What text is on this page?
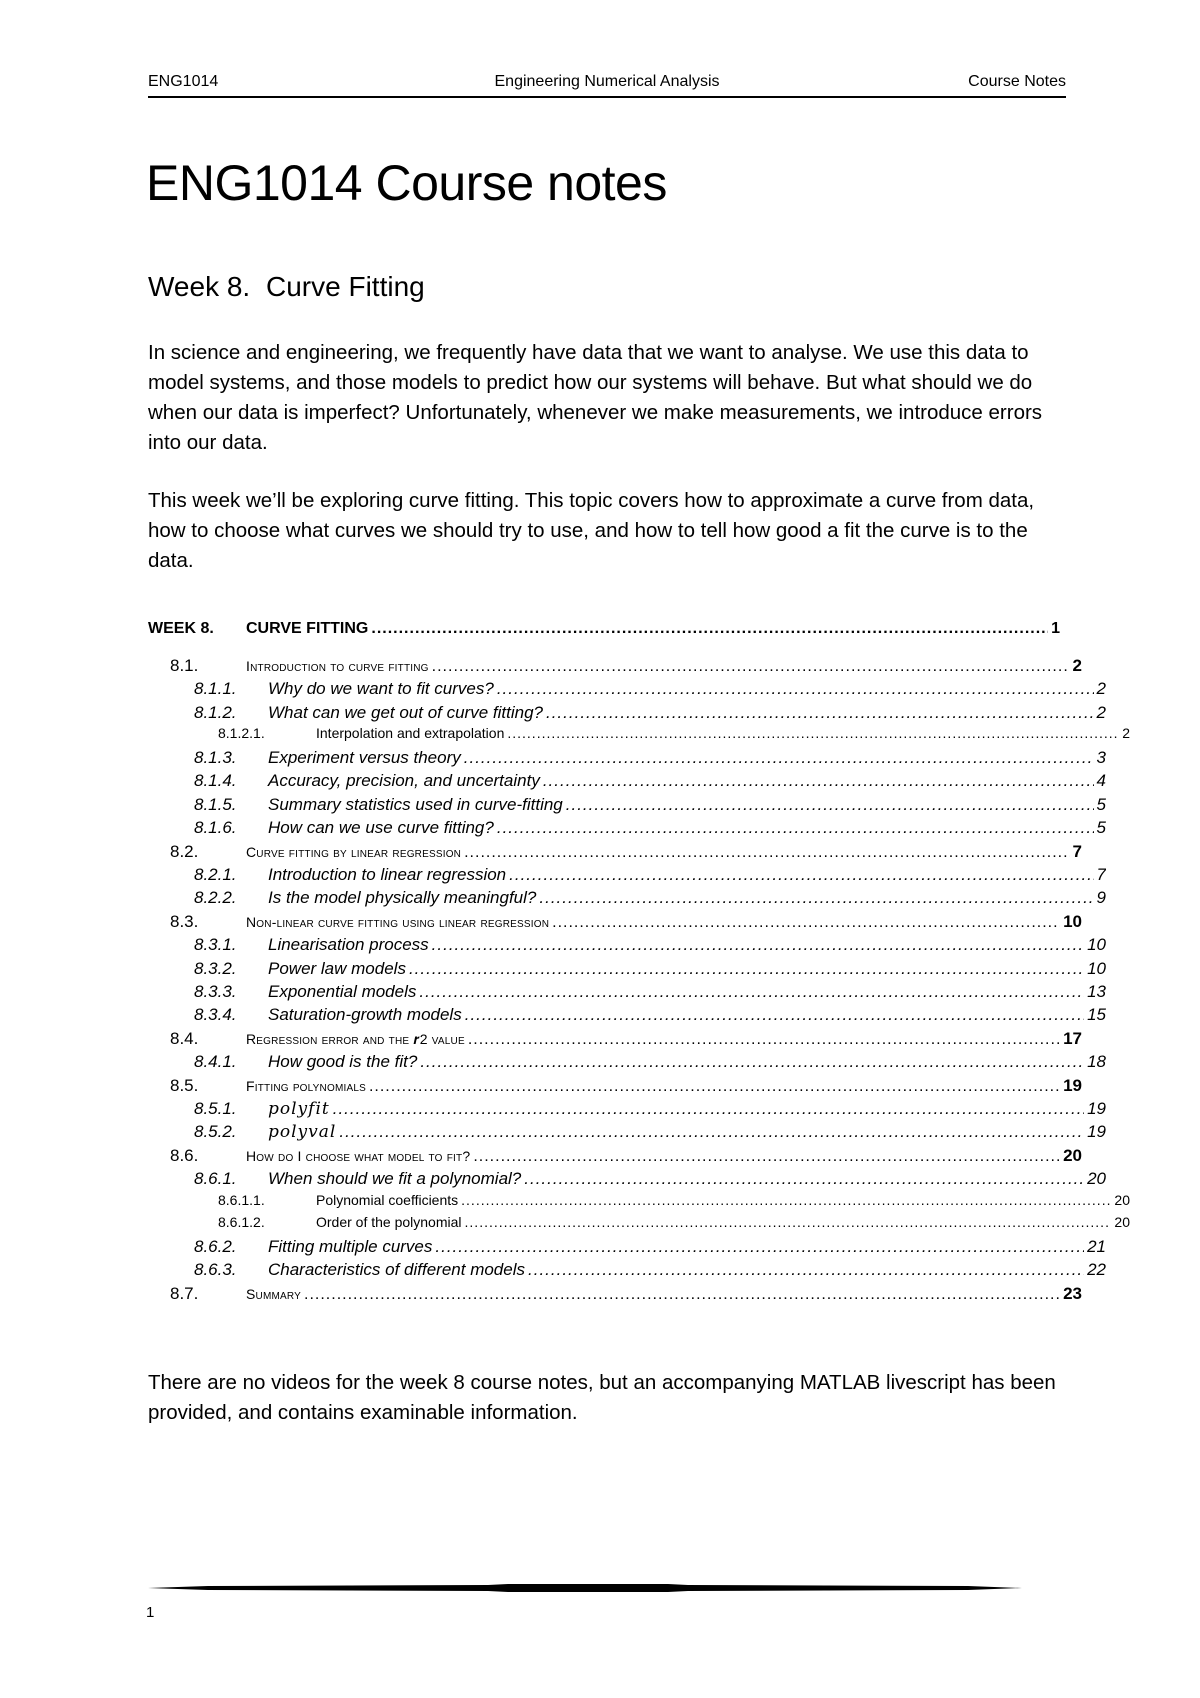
ENG1014	Engineering Numerical Analysis	Course Notes
ENG1014 Course notes
Week 8. Curve Fitting

In science and engineering, we frequently have data that we want to analyse. We use this data to model systems, and those models to predict how our systems will behave. But what should we do when our data is imperfect? Unfortunately, whenever we make measurements, we introduce errors into our data.

This week we’ll be exploring curve fitting. This topic covers how to approximate a curve from data, how to choose what curves we should try to use, and how to tell how good a fit the curve is to the data.

WEEK 8.	CURVE FITTING .....	1
8.1.	Introduction to curve fitting .....	2
8.1.1.	Why do we want to fit curves? .....	2
8.1.2.	What can we get out of curve fitting? .....	2
8.1.2.1.	Interpolation and extrapolation .....	2
8.1.3.	Experiment versus theory .....	3
8.1.4.	Accuracy, precision, and uncertainty .....	4
8.1.5.	Summary statistics used in curve-fitting .....	5
8.1.6.	How can we use curve fitting? .....	5
8.2.	Curve fitting by linear regression .....	7
8.2.1.	Introduction to linear regression .....	7
8.2.2.	Is the model physically meaningful? .....	9
8.3.	Non-linear curve fitting using linear regression .....	10
8.3.1.	Linearisation process .....	10
8.3.2.	Power law models .....	10
8.3.3.	Exponential models .....	13
8.3.4.	Saturation-growth models .....	15
8.4.	Regression error and the 𝒓2 value .....	17
8.4.1.	How good is the fit? .....	18
8.5.	Fitting polynomials .....	19
8.5.1.	polyfit .....	19
8.5.2.	polyval .....	19
8.6.	How do I choose what model to fit? .....	20
8.6.1.	When should we fit a polynomial? .....	20
8.6.1.1.	Polynomial coefficients .....	20
8.6.1.2.	Order of the polynomial .....	20
8.6.2.	Fitting multiple curves .....	21
8.6.3.	Characteristics of different models .....	22
8.7.	Summary .....	23

There are no videos for the week 8 course notes, but an accompanying MATLAB livescript has been provided, and contains examinable information.

1
